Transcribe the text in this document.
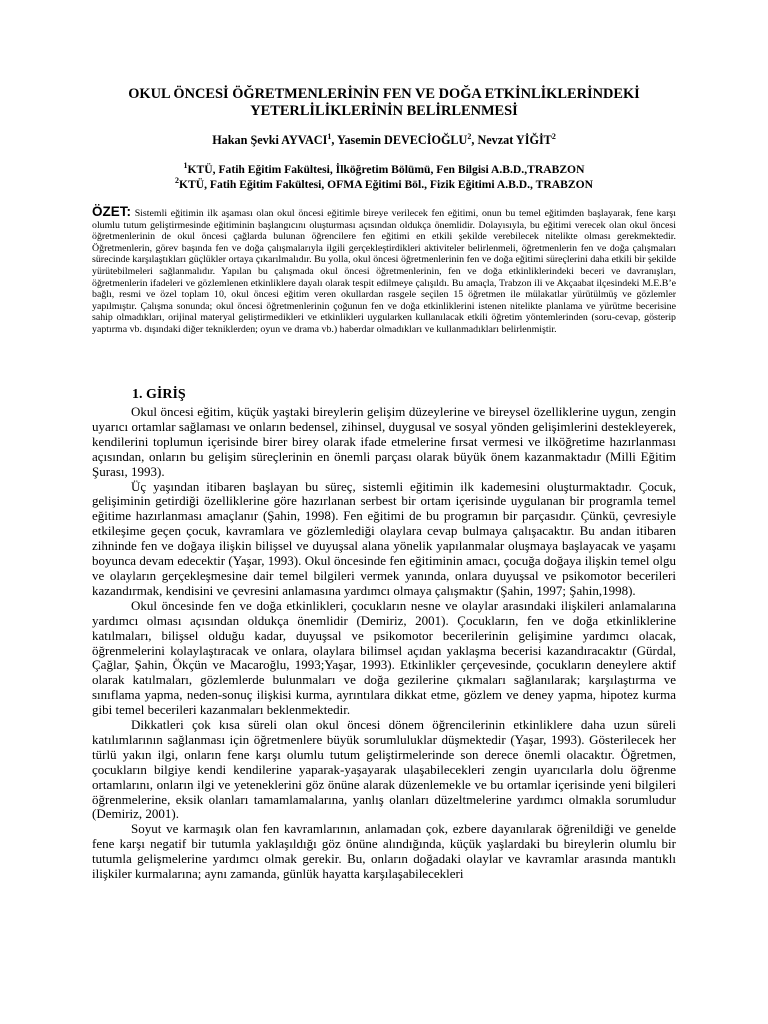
OKUL ÖNCESİ ÖĞRETMENLERİNİN FEN VE DOĞA ETKİNLİKLERİNDEKİ
YETERLİLİKLERİNİN BELİRLENMESİ
Hakan Şevki AYVACI$^1$, Yasemin DEVECİOĞLU$^2$, Nevzat YİĞİT$^2$
$^1$KTÜ, Fatih Eğitim Fakültesi, İlköğretim Bölümü, Fen Bilgisi A.B.D.,TRABZON
$^2$KTÜ, Fatih Eğitim Fakültesi, OFMA Eğitimi Böl., Fizik Eğitimi A.B.D., TRABZON
ÖZET: Sistemli eğitimin ilk aşaması olan okul öncesi eğitimle bireye verilecek fen eğitimi, onun bu temel eğitimden başlayarak, fene karşı olumlu tutum geliştirmesinde eğitiminin başlangıcını oluşturması açısından oldukça önemlidir. Dolayısıyla, bu eğitimi verecek olan okul öncesi öğretmenlerinin de okul öncesi çağlarda bulunan öğrencilere fen eğitimi en etkili şekilde verebilecek nitelikte olması gerekmektedir. Öğretmenlerin, görev başında fen ve doğa çalışmalarıyla ilgili gerçekleştirdikleri aktiviteler belirlenmeli, öğretmenlerin fen ve doğa çalışmaları sürecinde karşılaştıkları güçlükler ortaya çıkarılmalıdır. Bu yolla, okul öncesi öğretmenlerinin fen ve doğa eğitimi süreçlerini daha etkili bir şekilde yürütebilmeleri sağlanmalıdır. Yapılan bu çalışmada okul öncesi öğretmenlerinin, fen ve doğa etkinliklerindeki beceri ve davranışları, öğretmenlerin ifadeleri ve gözlemlenen etkinliklere dayalı olarak tespit edilmeye çalışıldı. Bu amaçla, Trabzon ili ve Akçaabat ilçesindeki M.E.B’e bağlı, resmi ve özel toplam 10, okul öncesi eğitim veren okullardan rasgele seçilen 15 öğretmen ile mülakatlar yürütülmüş ve gözlemler yapılmıştır. Çalışma sonunda; okul öncesi öğretmenlerinin çoğunun fen ve doğa etkinliklerini istenen nitelikte planlama ve yürütme becerisine sahip olmadıkları, orijinal materyal geliştirmedikleri ve etkinlikleri uygularken kullanılacak etkili öğretim yöntemlerinden (soru-cevap, gösterip yaptırma vb. dışındaki diğer tekniklerden; oyun ve drama vb.) haberdar olmadıkları ve kullanmadıkları belirlenmiştir.
1. GİRİŞ

Okul öncesi eğitim, küçük yaştaki bireylerin gelişim düzeylerine ve bireysel özelliklerine uygun, zengin uyarıcı ortamlar sağlaması ve onların bedensel, zihinsel, duygusal ve sosyal yönden gelişimlerini destekleyerek, kendilerini toplumun içerisinde birer birey olarak ifade etmelerine fırsat vermesi ve ilköğretime hazırlanması açısından, onların bu gelişim süreçlerinin en önemli parçası olarak büyük önem kazanmaktadır (Milli Eğitim Şurası, 1993).

Üç yaşından itibaren başlayan bu süreç, sistemli eğitimin ilk kademesini oluşturmaktadır. Çocuk, gelişiminin getirdiği özelliklerine göre hazırlanan serbest bir ortam içerisinde uygulanan bir programla temel eğitime hazırlanması amaçlanır (Şahin, 1998). Fen eğitimi de bu programın bir parçasıdır. Çünkü, çevresiyle etkileşime geçen çocuk, kavramlara ve gözlemlediği olaylara cevap bulmaya çalışacaktır. Bu andan itibaren zihninde fen ve doğaya ilişkin bilişsel ve duyuşsal alana yönelik yapılanmalar oluşmaya başlayacak ve yaşamı boyunca devam edecektir (Yaşar, 1993). Okul öncesinde fen eğitiminin amacı, çocuğa doğaya ilişkin temel olgu ve olayların gerçekleşmesine dair temel bilgileri vermek yanında, onlara duyuşsal ve psikomotor becerileri kazandırmak, kendisini ve çevresini anlamasına yardımcı olmaya çalışmaktır (Şahin, 1997; Şahin,1998).

Okul öncesinde fen ve doğa etkinlikleri, çocukların nesne ve olaylar arasındaki ilişkileri anlamalarına yardımcı olması açısından oldukça önemlidir (Demiriz, 2001). Çocukların, fen ve doğa etkinliklerine katılmaları, bilişsel olduğu kadar, duyuşsal ve psikomotor becerilerinin gelişimine yardımcı olacak, öğrenmelerini kolaylaştıracak ve onlara, olaylara bilimsel açıdan yaklaşma becerisi kazandıracaktır (Gürdal, Çağlar, Şahin, Ökçün ve Macaroğlu, 1993;Yaşar, 1993). Etkinlikler çerçevesinde, çocukların deneylere aktif olarak katılmaları, gözlemlerde bulunmaları ve doğa gezilerine çıkmaları sağlanılarak; karşılaştırma ve sınıflama yapma, neden-sonuç ilişkisi kurma, ayrıntılara dikkat etme, gözlem ve deney yapma, hipotez kurma gibi temel becerileri kazanmaları beklenmektedir.

Dikkatleri çok kısa süreli olan okul öncesi dönem öğrencilerinin etkinliklere daha uzun süreli katılımlarının sağlanması için öğretmenlere büyük sorumluluklar düşmektedir (Yaşar, 1993). Gösterilecek her türlü yakın ilgi, onların fene karşı olumlu tutum geliştirmelerinde son derece önemli olacaktır. Öğretmen, çocukların bilgiye kendi kendilerine yaparak-yaşayarak ulaşabilecekleri zengin uyarıcılarla dolu öğrenme ortamlarını, onların ilgi ve yeteneklerini göz önüne alarak düzenlemekle ve bu ortamlar içerisinde yeni bilgileri öğrenmelerine, eksik olanları tamamlamalarına, yanlış olanları düzeltmelerine yardımcı olmakla sorumludur (Demiriz, 2001).

Soyut ve karmaşık olan fen kavramlarının, anlamadan çok, ezbere dayanılarak öğrenildiği ve genelde fene karşı negatif bir tutumla yaklaşıldığı göz önüne alındığında, küçük yaşlardaki bu bireylerin olumlu bir tutumla gelişmelerine yardımcı olmak gerekir. Bu, onların doğadaki olaylar ve kavramlar arasında mantıklı ilişkiler kurmalarına; aynı zamanda, günlük hayatta karşılaşabilecekleri
